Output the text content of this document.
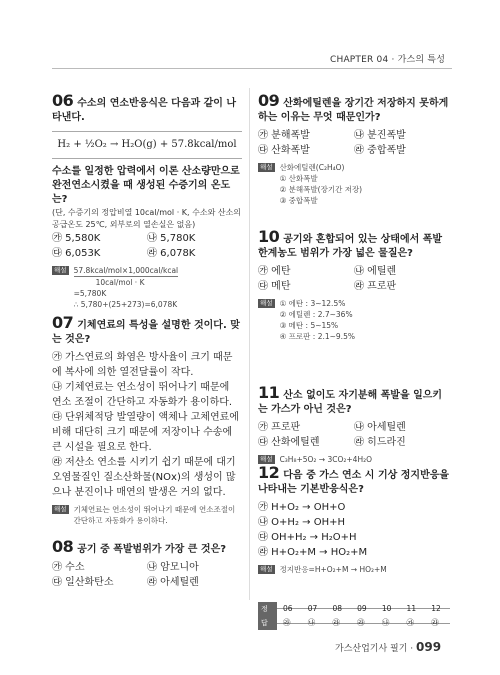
CHAPTER 04 · 가스의 특성
06 수소의 연소반응식은 다음과 같이 나타낸다.
H₂ + ½O₂ → H₂O(g) + 57.8kcal/mol
수소를 일정한 압력에서 이론 산소량만으로 완전연소시켰을 때 생성된 수증기의 온도는?
(단, 수증기의 정압비열 10cal/mol · K, 수소와 산소의 공급온도 25℃, 외부로의 열손실은 없음)
㉮ 5,580K	㉯ 5,780K
㉰ 6,053K	㉱ 6,078K
해설 57.8kcal/mol×1,000cal/kcal
10cal/mol · K
=5,780K
∴ 5,780+(25+273)=6,078K
07 기체연료의 특성을 설명한 것이다. 맞는 것은?
㉮ 가스연료의 화염은 방사율이 크기 때문에 복사에 의한 열전달률이 작다.
㉯ 기체연료는 연소성이 뛰어나기 때문에 연소 조절이 간단하고 자동화가 용이하다.
㉰ 단위체적당 발열량이 액체나 고체연료에 비해 대단히 크기 때문에 저장이나 수송에 큰 시설을 필요로 한다.
㉱ 저산소 연소를 시키기 쉽기 때문에 대기오염물질인 질소산화물(NOx)의 생성이 많으나 분진이나 매연의 발생은 거의 없다.
해설 기체연료는 연소성이 뛰어나기 때문에 연소조절이 간단하고 자동화가 용이하다.
08 공기 중 폭발범위가 가장 큰 것은?
㉮ 수소	㉯ 암모니아
㉰ 일산화탄소	㉱ 아세틸렌
09 산화에틸렌을 장기간 저장하지 못하게 하는 이유는 무엇 때문인가?
㉮ 분해폭발	㉯ 분진폭발
㉰ 산화폭발	㉱ 중합폭발
해설 산화에틸렌(C₂H₄O)
① 산화폭발
② 분해폭발(장기간 저장)
③ 중합폭발
10 공기와 혼합되어 있는 상태에서 폭발 한계농도 범위가 가장 넓은 물질은?
㉮ 에탄	㉯ 에틸렌
㉰ 메탄	㉱ 프로판
해설 ① 에탄 : 3~12.5%
② 에틸렌 : 2.7~36%
③ 메탄 : 5~15%
④ 프로판 : 2.1~9.5%
11 산소 없이도 자기분해 폭발을 일으키는 가스가 아닌 것은?
㉮ 프로판	㉯ 아세틸렌
㉰ 산화에틸렌	㉱ 히드라진
해설 C₃H₈+5O₂ → 3CO₂+4H₂O
12 다음 중 가스 연소 시 기상 정지반응을 나타내는 기본반응식은?
㉮ H+O₂ → OH+O
㉯ O+H₂ → OH+H
㉰ OH+H₂ → H₂O+H
㉱ H+O₂+M → HO₂+M
해설 정지반응=H+O₂+M → HO₂+M
정답
06 ㉱
07 ㉯
08 ㉱
09 ㉱
10 ㉯
11 ㉮
12 ㉱
가스산업기사 필기 · 099
